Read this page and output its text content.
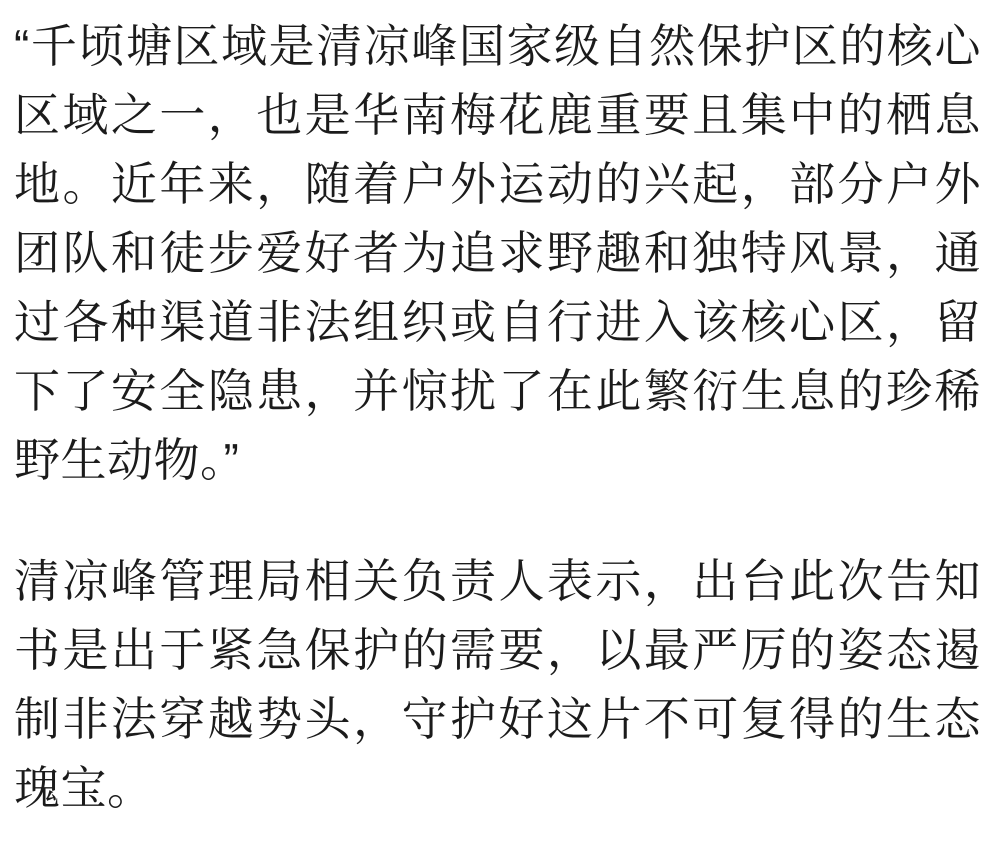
“千顷塘区域是清凉峰国家级自然保护区的核心区域之一，也是华南梅花鹿重要且集中的栖息地。近年来，随着户外运动的兴起，部分户外团队和徒步爱好者为追求野趣和独特风景，通过各种渠道非法组织或自行进入该核心区，留下了安全隐患，并惊扰了在此繁衍生息的珍稀野生动物。”

清凉峰管理局相关负责人表示，出台此次告知书是出于紧急保护的需要，以最严厉的姿态遏制非法穿越势头，守护好这片不可复得的生态瑰宝。
